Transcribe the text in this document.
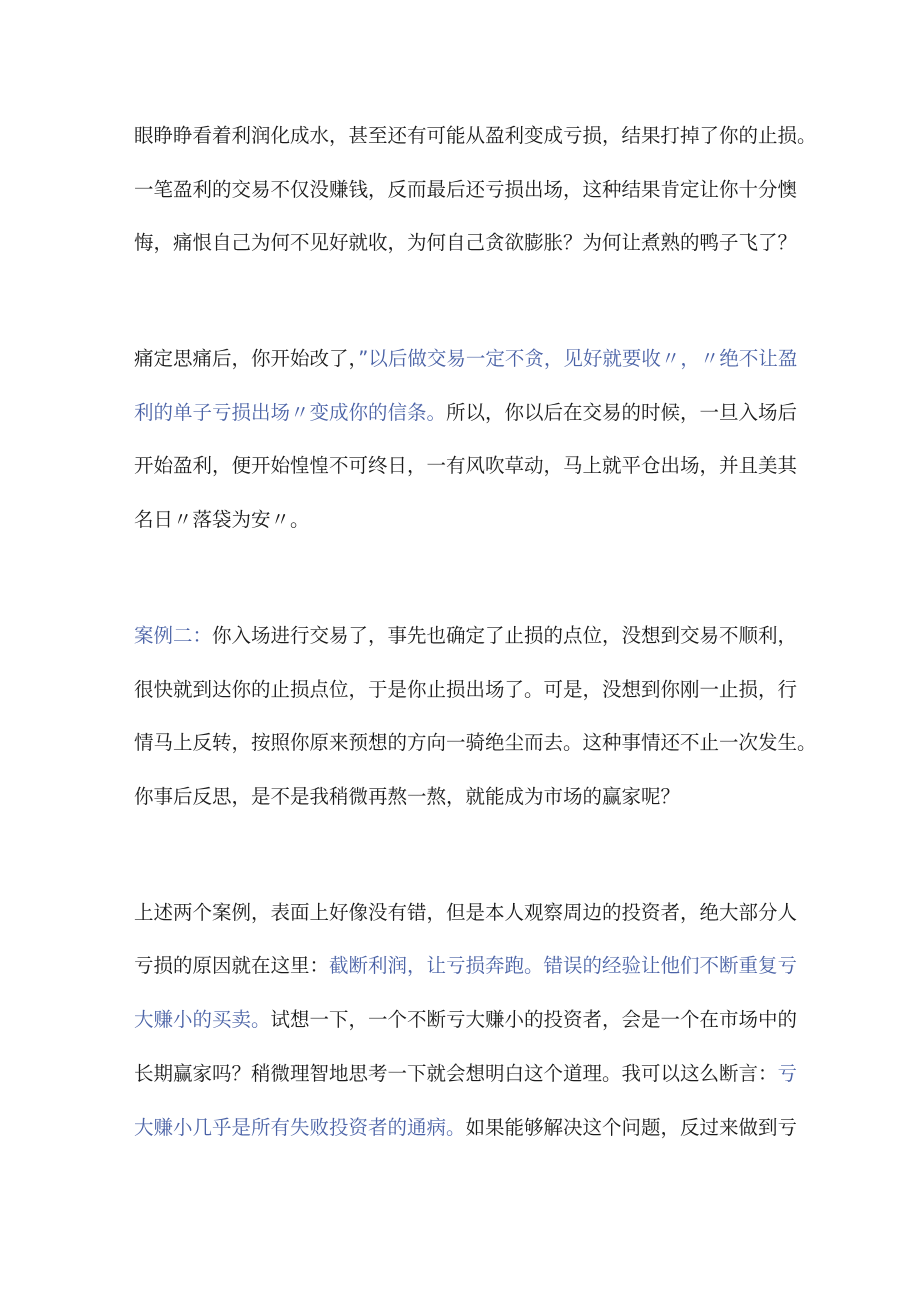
眼睁睁看着利润化成水，甚至还有可能从盈利变成亏损，结果打掉了你的止损。
一笔盈利的交易不仅没赚钱，反而最后还亏损出场，这种结果肯定让你十分懊
悔，痛恨自己为何不见好就收，为何自己贪欲膨胀？为何让煮熟的鸭子飞了？
痛定思痛后，你开始改了，”以后做交易一定不贪，见好就要收〃，〃绝不让盈
利的单子亏损出场〃变成你的信条。所以，你以后在交易的时候，一旦入场后
开始盈利，便开始惶惶不可终日，一有风吹草动，马上就平仓出场，并且美其
名日〃落袋为安〃。
案例二：你入场进行交易了，事先也确定了止损的点位，没想到交易不顺利，
很快就到达你的止损点位，于是你止损出场了。可是，没想到你刚一止损，行
情马上反转，按照你原来预想的方向一骑绝尘而去。这种事情还不止一次发生。
你事后反思，是不是我稍微再熬一熬，就能成为市场的赢家呢？
上述两个案例，表面上好像没有错，但是本人观察周边的投资者，绝大部分人
亏损的原因就在这里：截断利润，让亏损奔跑。错误的经验让他们不断重复亏
大赚小的买卖。试想一下，一个不断亏大赚小的投资者，会是一个在市场中的
长期赢家吗？稍微理智地思考一下就会想明白这个道理。我可以这么断言：亏
大赚小几乎是所有失败投资者的通病。如果能够解决这个问题，反过来做到亏
